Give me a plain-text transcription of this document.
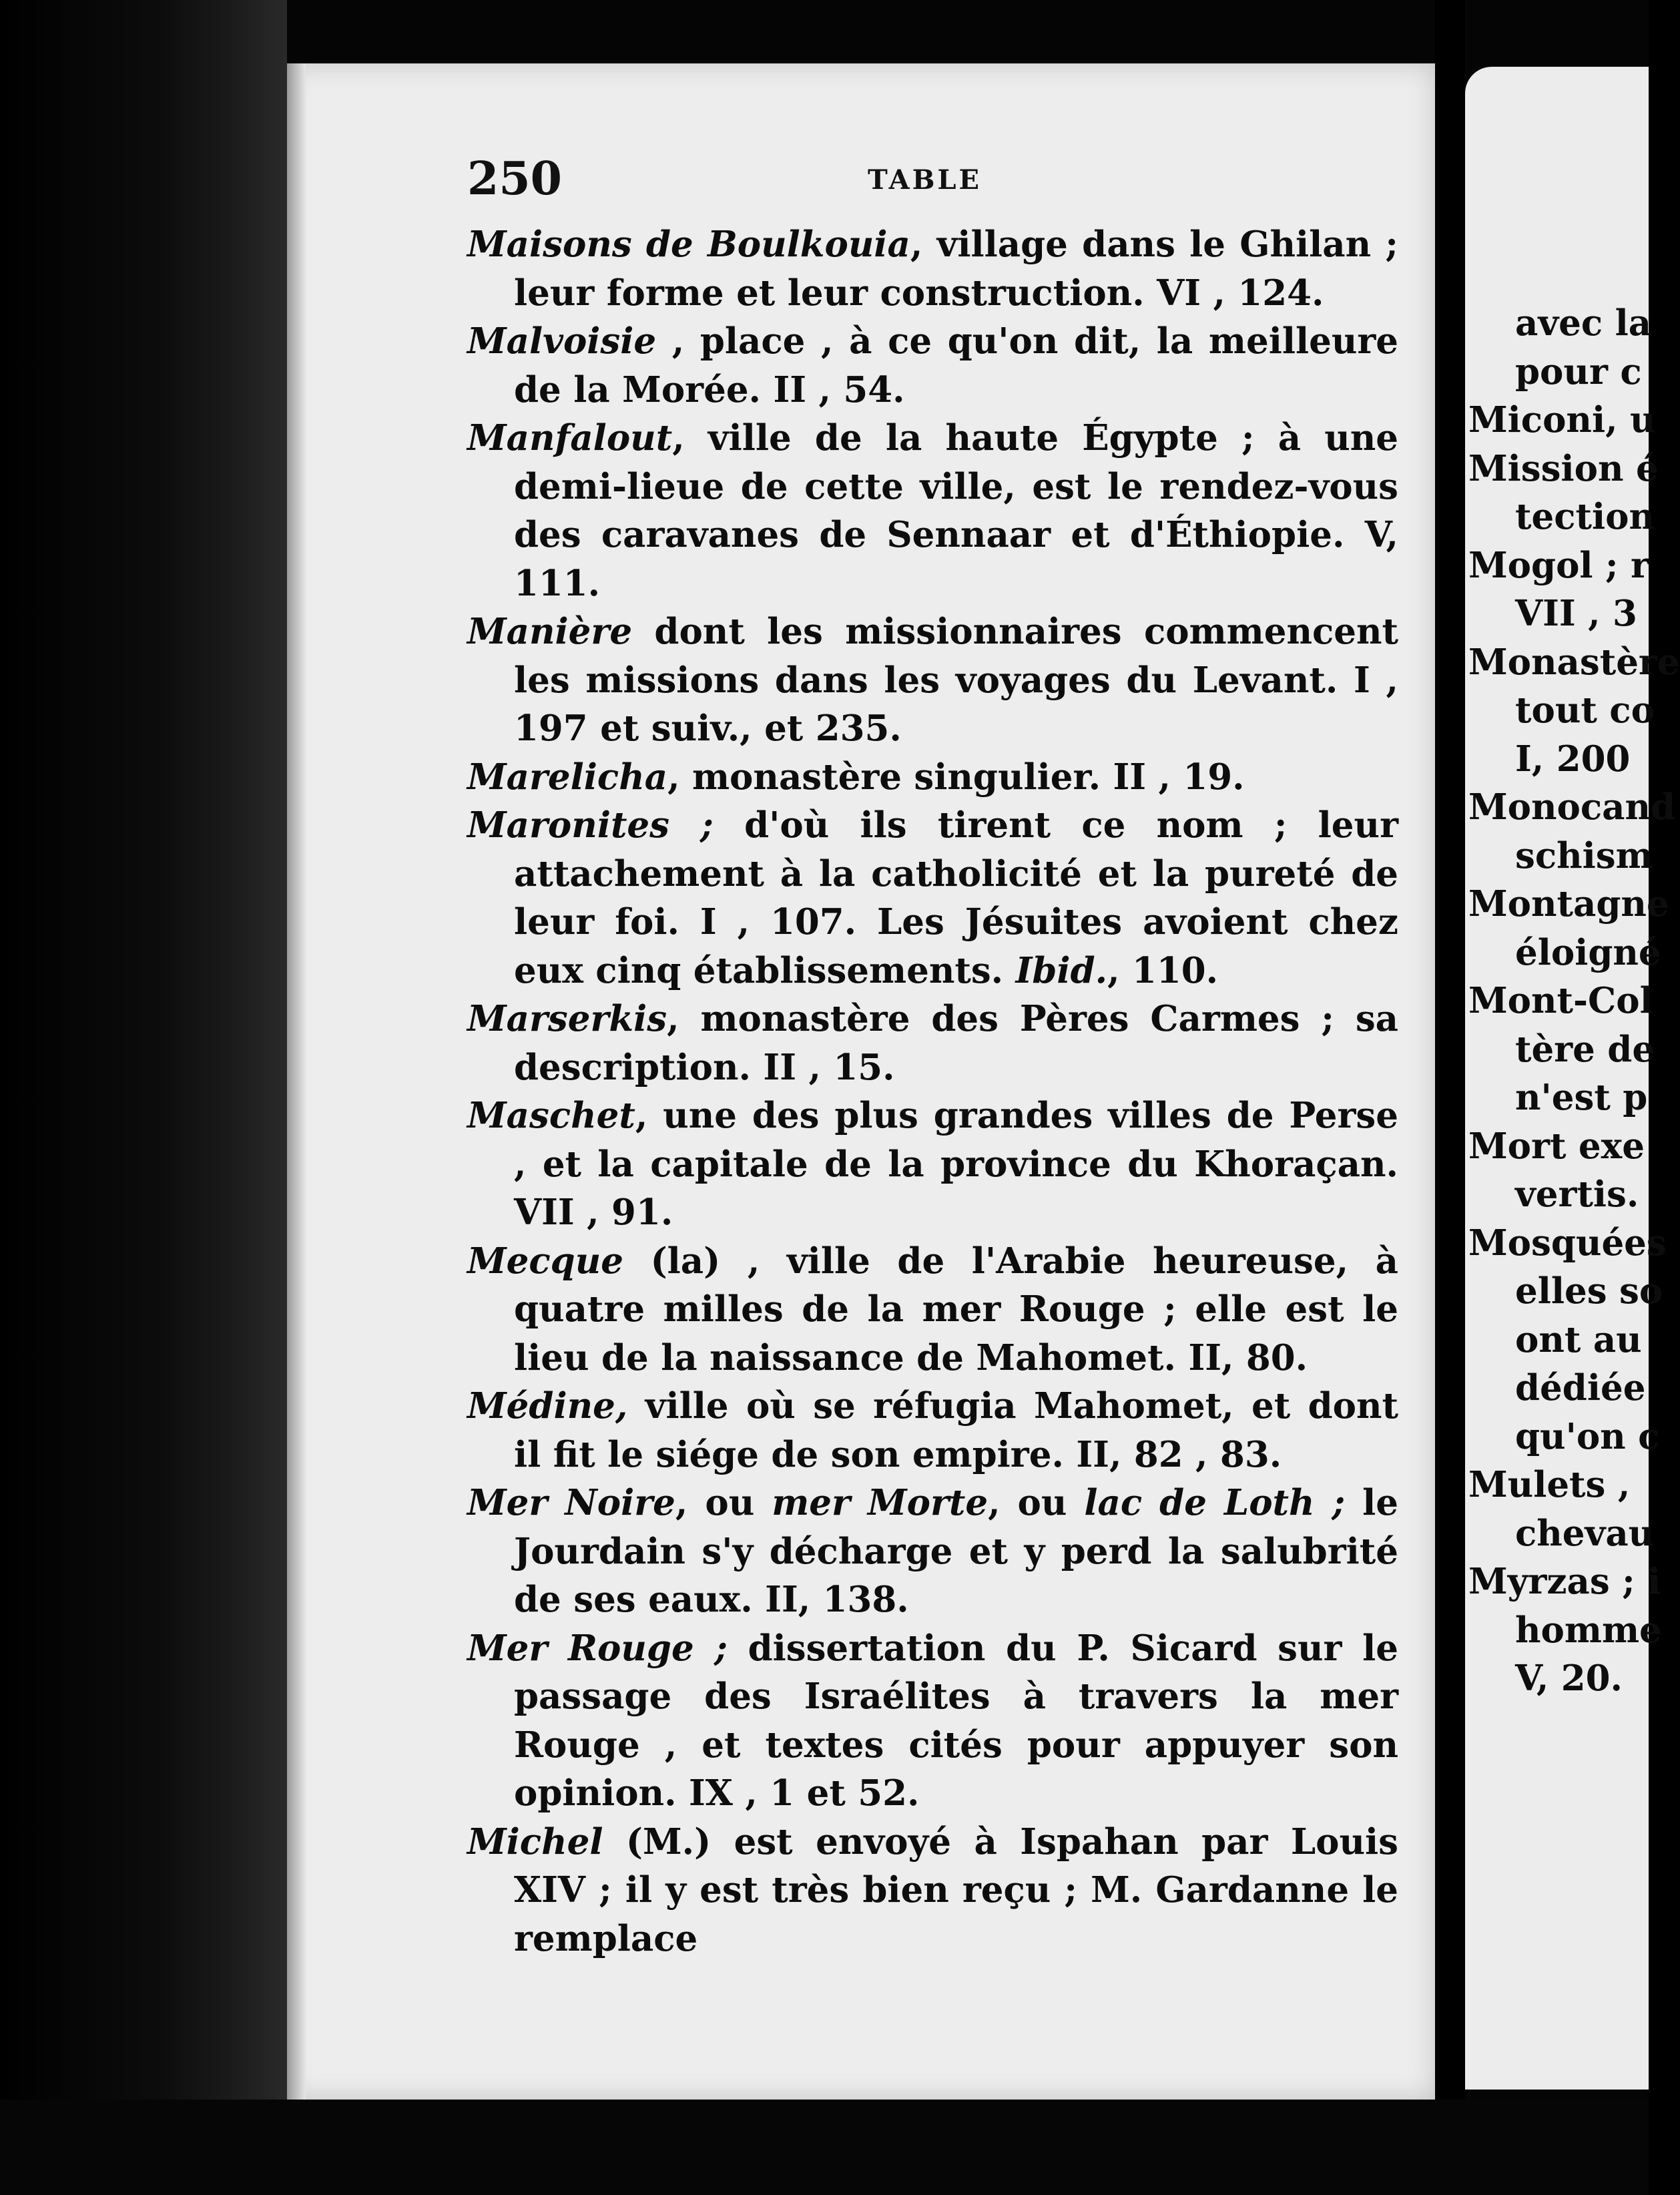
250	TABLE

Maisons de Boulkouia, village dans le Ghilan ; leur forme et leur construction. VI , 124.

Malvoisie , place , à ce qu'on dit, la meilleure de la Morée. II , 54.

Manfalout, ville de la haute Égypte ; à une demi-lieue de cette ville, est le rendez-vous des caravanes de Sennaar et d'Éthiopie. V, 111.

Manière dont les missionnaires commencent les missions dans les voyages du Levant. I , 197 et suiv., et 235.

Marelicha, monastère singulier. II , 19.

Maronites ; d'où ils tirent ce nom ; leur attachement à la catholicité et la pureté de leur foi. I , 107. Les Jésuites avoient chez eux cinq établissements. Ibid., 110.

Marserkis, monastère des Pères Carmes ; sa description. II , 15.

Maschet, une des plus grandes villes de Perse , et la capitale de la province du Khoraçan. VII , 91.

Mecque (la) , ville de l'Arabie heureuse, à quatre milles de la mer Rouge ; elle est le lieu de la naissance de Mahomet. II, 80.

Médine, ville où se réfugia Mahomet, et dont il fit le siége de son empire. II, 82 , 83.

Mer Noire, ou mer Morte, ou lac de Loth ; le Jourdain s'y décharge et y perd la salubrité de ses eaux. II, 138.

Mer Rouge ; dissertation du P. Sicard sur le passage des Israélites à travers la mer Rouge , et textes cités pour appuyer son opinion. IX , 1 et 52.

Michel (M.) est envoyé à Ispahan par Louis XIV ; il y est très bien reçu ; M. Gardanne le remplace

avec la
pour c
Miconi, u
Mission é
tection
Mogol ; r
VII , 3
Monastère
tout co
I, 200
Monocand
schism
Montagne
éloigné
Mont-Col
tère de
n'est p
Mort exe
vertis.
Mosquées
elles so
ont au
dédiée
qu'on c
Mulets ,
chevau
Myrzas ; i
homme
V, 20.
